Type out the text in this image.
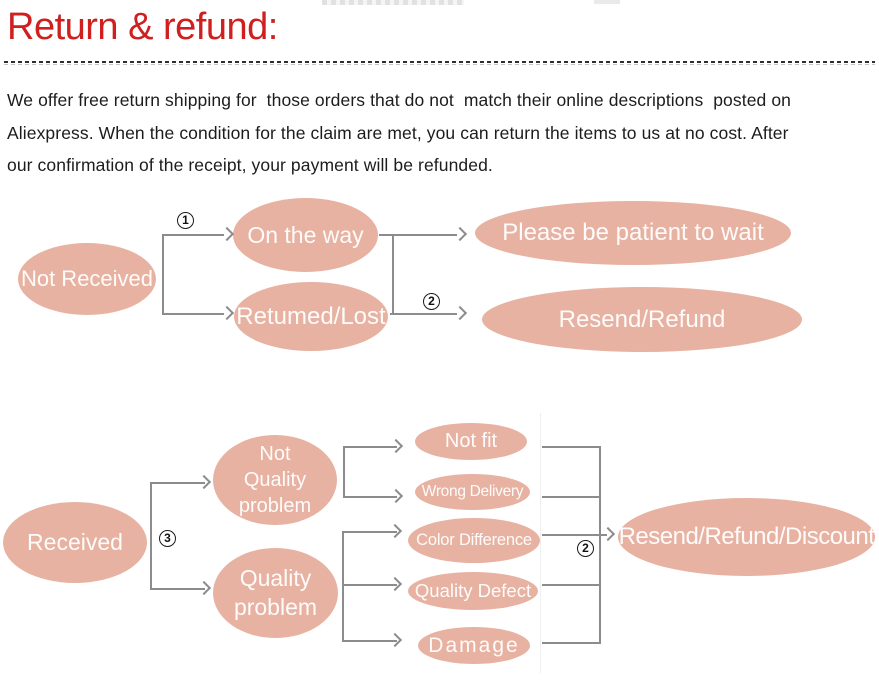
Return & refund:
We offer free return shipping for  those orders that do not  match their online descriptions  posted on
Aliexpress. When the condition for the claim are met, you can return the items to us at no cost. After
our confirmation of the receipt, your payment will be refunded.
Not Received
On the way
Retumed/Lost
Please be patient to wait
Resend/Refund
1
2
Received
Not
Quality
problem
Quality
problem
Not fit
Wrong Delivery
Color Difference
Quality Defect
Damage
Resend/Refund/Discount
3
2
